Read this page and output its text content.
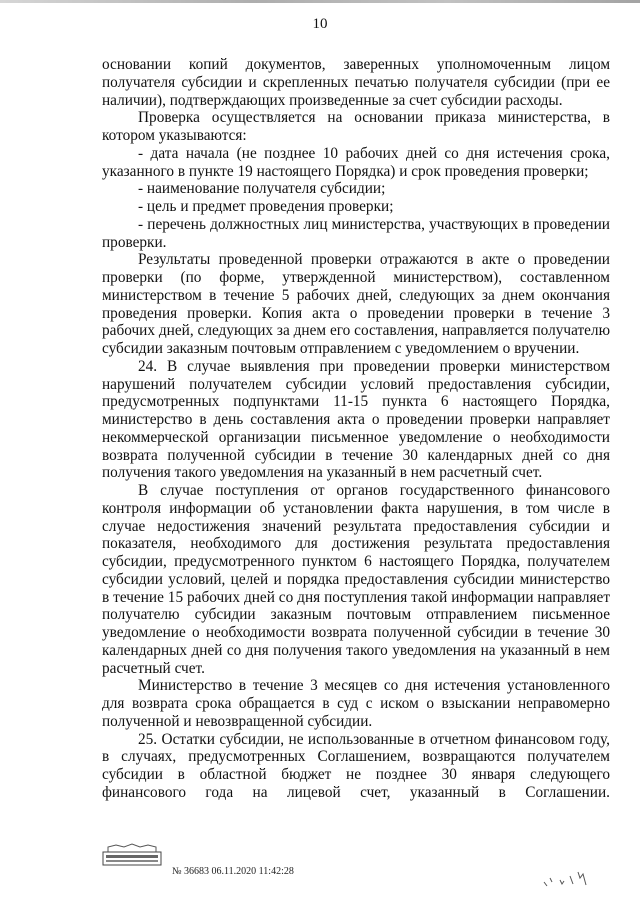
10

основании копий документов, заверенных уполномоченным лицом получателя субсидии и скрепленных печатью получателя субсидии (при ее наличии), подтверждающих произведенные за счет субсидии расходы.

Проверка осуществляется на основании приказа министерства, в котором указываются:

- дата начала (не позднее 10 рабочих дней со дня истечения срока, указанного в пункте 19 настоящего Порядка) и срок проведения проверки;

- наименование получателя субсидии;

- цель и предмет проведения проверки;

- перечень должностных лиц министерства, участвующих в проведении проверки.

Результаты проведенной проверки отражаются в акте о проведении проверки (по форме, утвержденной министерством), составленном министерством в течение 5 рабочих дней, следующих за днем окончания проведения проверки. Копия акта о проведении проверки в течение 3 рабочих дней, следующих за днем его составления, направляется получателю субсидии заказным почтовым отправлением с уведомлением о вручении.

24. В случае выявления при проведении проверки министерством нарушений получателем субсидии условий предоставления субсидии, предусмотренных подпунктами 11-15 пункта 6 настоящего Порядка, министерство в день составления акта о проведении проверки направляет некоммерческой организации письменное уведомление о необходимости возврата полученной субсидии в течение 30 календарных дней со дня получения такого уведомления на указанный в нем расчетный счет.

В случае поступления от органов государственного финансового контроля информации об установлении факта нарушения, в том числе в случае недостижения значений результата предоставления субсидии и показателя, необходимого для достижения результата предоставления субсидии, предусмотренного пунктом 6 настоящего Порядка, получателем субсидии условий, целей и порядка предоставления субсидии министерство в течение 15 рабочих дней со дня поступления такой информации направляет получателю субсидии заказным почтовым отправлением письменное уведомление о необходимости возврата полученной субсидии в течение 30 календарных дней со дня получения такого уведомления на указанный в нем расчетный счет.

Министерство в течение 3 месяцев со дня истечения установленного для возврата срока обращается в суд с иском о взыскании неправомерно полученной и невозвращенной субсидии.

25. Остатки субсидии, не использованные в отчетном финансовом году, в случаях, предусмотренных Соглашением, возвращаются получателем субсидии в областной бюджет не позднее 30 января следующего финансового года на лицевой счет, указанный в Соглашении.

№ 36683 06.11.2020 11:42:28
